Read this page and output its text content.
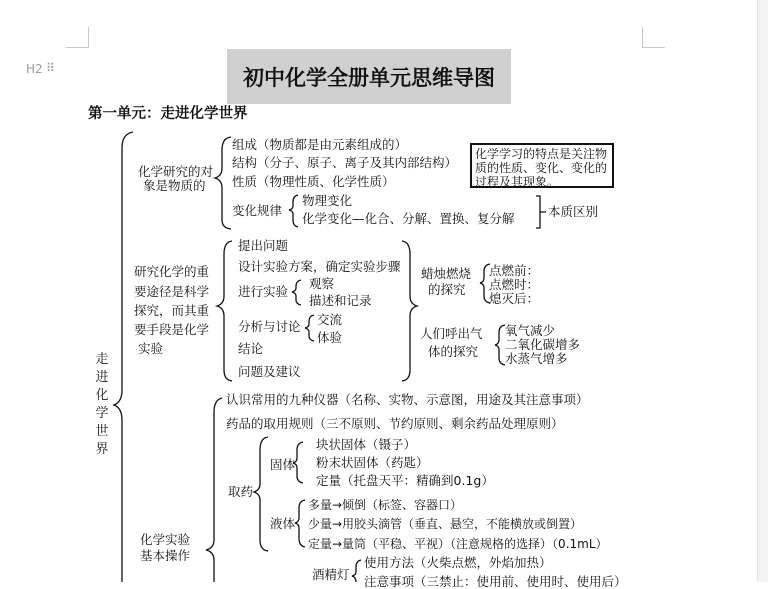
H2 ⠿	初中化学全册单元思维导图
第一单元：走进化学世界
走
进
化
学
世
界
化学研究的对
象是物质的
组成（物质都是由元素组成的）
结构（分子、原子、离子及其内部结构）
性质（物理性质、化学性质）
变化规律
物理变化
化学变化—化合、分解、置换、复分解	本质区别
化学学习的特点是关注物质的性质、变化、变化的过程及其现象。
研究化学的重
要途径是科学
探究，而其重
要手段是化学
实验
提出问题
设计实验方案，确定实验步骤
进行实验
分析与讨论
结论
问题及建议
观察
描述和记录
交流
体验
蜡烛燃烧
的探究
点燃前：
点燃时：
熄灭后：
人们呼出气
体的探究
氧气减少
二氧化碳增多
水蒸气增多
化学实验
基本操作
认识常用的九种仪器（名称、实物、示意图，用途及其注意事项）
药品的取用规则（三不原则、节约原则、剩余药品处理原则）
取药
固体
块状固体（镊子）
粉末状固体（药匙）
定量（托盘天平：精确到0.1g）
液体
多量→倾倒（标签、容器口）
少量→用胶头滴管（垂直、悬空，不能横放或倒置）
定量→量筒（平稳、平视）（注意规格的选择）（0.1mL）
酒精灯
使用方法（火柴点燃，外焰加热）
注意事项（三禁止：使用前、使用时、使用后）
